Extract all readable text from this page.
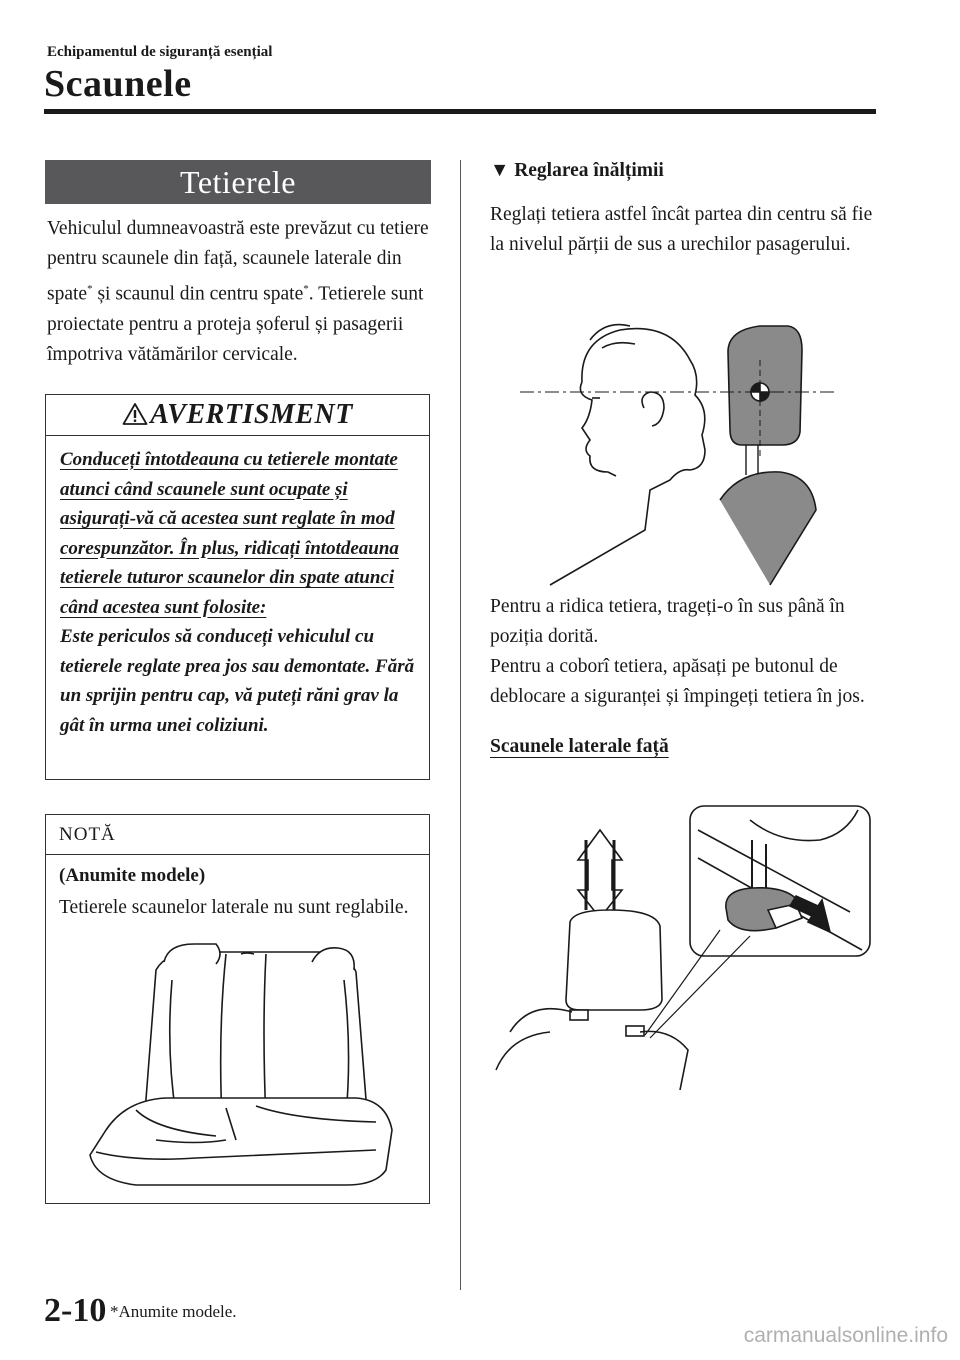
Echipamentul de siguranță esențial
Scaunele
Tetierele
Vehiculul dumneavoastră este prevăzut cu tetiere pentru scaunele din față, scaunele laterale din spate* și scaunul din centru spate*. Tetierele sunt proiectate pentru a proteja șoferul și pasagerii împotriva vătămărilor cervicale.
AVERTISMENT
Conduceți întotdeauna cu tetierele montate atunci când scaunele sunt ocupate și asigurați-vă că acestea sunt reglate în mod corespunzător. În plus, ridicați întotdeauna tetierele tuturor scaunelor din spate atunci când acestea sunt folosite:
Este periculos să conduceți vehiculul cu tetierele reglate prea jos sau demontate. Fără un sprijin pentru cap, vă puteți răni grav la gât în urma unei coliziuni.
NOTĂ
(Anumite modele)
Tetierele scaunelor laterale nu sunt reglabile.
▼ Reglarea înălțimii
Reglați tetiera astfel încât partea din centru să fie la nivelul părții de sus a urechilor pasagerului.
Pentru a ridica tetiera, trageți-o în sus până în poziția dorită.
Pentru a coborî tetiera, apăsați pe butonul de deblocare a siguranței și împingeți tetiera în jos.
Scaunele laterale față
2-10 *Anumite modele.
carmanualsonline.info
